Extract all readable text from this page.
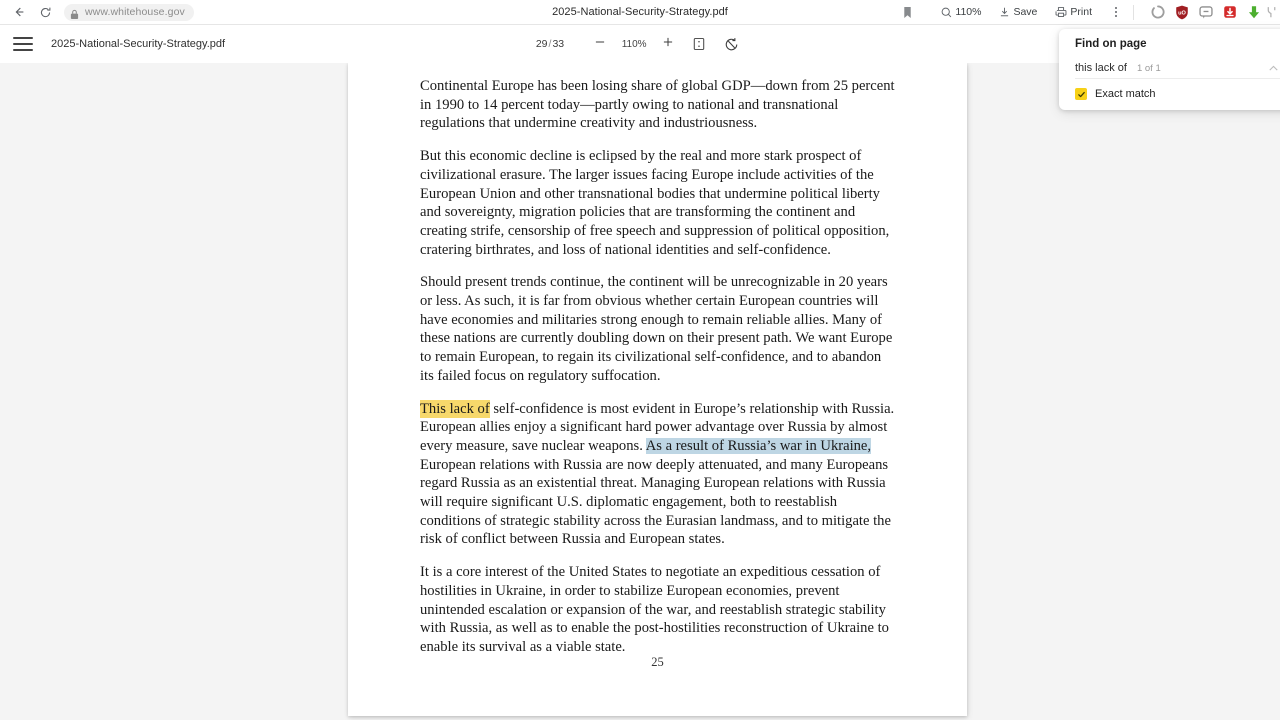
www.whitehouse.gov	2025-National-Security-Strategy.pdf	110%	Save	Print	uO
2025-National-Security-Strategy.pdf	29/33	110%	Find on page
this lack of 1 of 1
Exact match

Continental Europe has been losing share of global GDP—down from 25 percent in 1990 to 14 percent today—partly owing to national and transnational regulations that undermine creativity and industriousness.

But this economic decline is eclipsed by the real and more stark prospect of civilizational erasure. The larger issues facing Europe include activities of the European Union and other transnational bodies that undermine political liberty and sovereignty, migration policies that are transforming the continent and creating strife, censorship of free speech and suppression of political opposition, cratering birthrates, and loss of national identities and self-confidence.

Should present trends continue, the continent will be unrecognizable in 20 years or less. As such, it is far from obvious whether certain European countries will have economies and militaries strong enough to remain reliable allies. Many of these nations are currently doubling down on their present path. We want Europe to remain European, to regain its civilizational self-confidence, and to abandon its failed focus on regulatory suffocation.

This lack of self-confidence is most evident in Europe’s relationship with Russia. European allies enjoy a significant hard power advantage over Russia by almost every measure, save nuclear weapons. As a result of Russia’s war in Ukraine, European relations with Russia are now deeply attenuated, and many Europeans regard Russia as an existential threat. Managing European relations with Russia will require significant U.S. diplomatic engagement, both to reestablish conditions of strategic stability across the Eurasian landmass, and to mitigate the risk of conflict between Russia and European states.

It is a core interest of the United States to negotiate an expeditious cessation of hostilities in Ukraine, in order to stabilize European economies, prevent unintended escalation or expansion of the war, and reestablish strategic stability with Russia, as well as to enable the post-hostilities reconstruction of Ukraine to enable its survival as a viable state.

25
